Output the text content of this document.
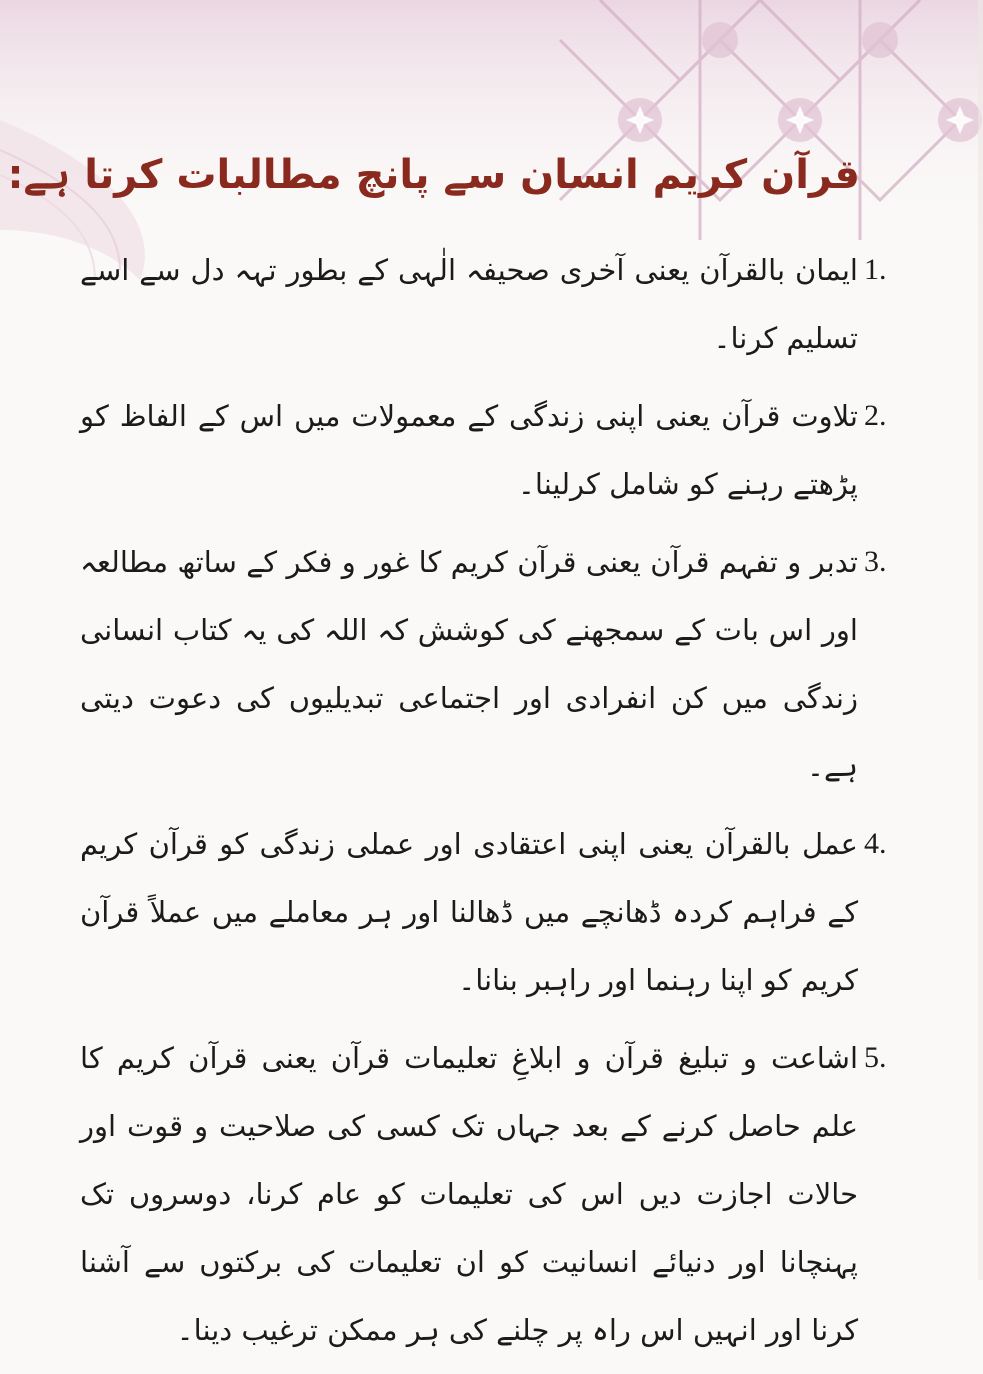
قرآن کریم انسان سے پانچ مطالبات کرتا ہے:
1.
ایمان بالقرآن یعنی آخری صحیفہ الٰہی کے بطور تہہ دل سے اسے تسلیم کرنا۔
2.
تلاوت قرآن یعنی اپنی زندگی کے معمولات میں اس کے الفاظ کو پڑھتے رہنے کو شامل کرلینا۔
3.
تدبر و تفہم قرآن یعنی قرآن کریم کا غور و فکر کے ساتھ مطالعہ اور اس بات کے سمجھنے کی کوشش کہ اللہ کی یہ کتاب انسانی زندگی میں کن انفرادی اور اجتماعی تبدیلیوں کی دعوت دیتی ہے۔
4.
عمل بالقرآن یعنی اپنی اعتقادی اور عملی زندگی کو قرآن کریم کے فراہم کردہ ڈھانچے میں ڈھالنا اور ہر معاملے میں عملاً قرآن کریم کو اپنا رہنما اور راہبر بنانا۔
5.
اشاعت و تبلیغ قرآن و ابلاغِ تعلیمات قرآن یعنی قرآن کریم کا علم حاصل کرنے کے بعد جہاں تک کسی کی صلاحیت و قوت اور حالات اجازت دیں اس کی تعلیمات کو عام کرنا، دوسروں تک پہنچانا اور دنیائے انسانیت کو ان تعلیمات کی برکتوں سے آشنا کرنا اور انہیں اس راہ پر چلنے کی ہر ممکن ترغیب دینا۔
